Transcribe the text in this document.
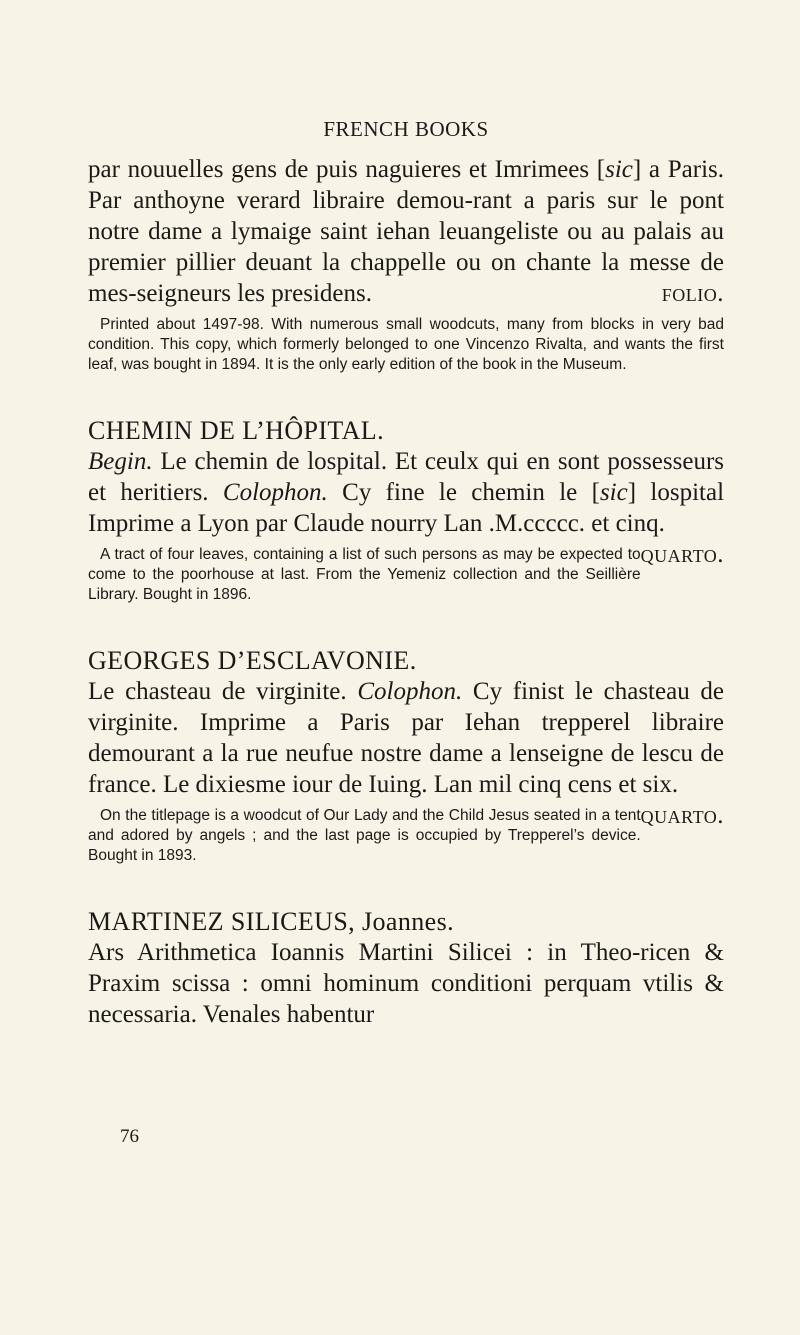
FRENCH BOOKS

par nouuelles gens de puis naguieres et Imrimees [sic] a Paris. Par anthoyne verard libraire demou-rant a paris sur le pont notre dame a lymaige saint iehan leuangeliste ou au palais au premier pillier deuant la chappelle ou on chante la messe de mes-seigneurs les presidens.	folio.

Printed about 1497-98. With numerous small woodcuts, many from blocks in very bad condition. This copy, which formerly belonged to one Vincenzo Rivalta, and wants the first leaf, was bought in 1894. It is the only early edition of the book in the Museum.

CHEMIN DE L’HÔPITAL.

Begin. Le chemin de lospital. Et ceulx qui en sont possesseurs et heritiers. Colophon. Cy fine le chemin le [sic] lospital Imprime a Lyon par Claude nourry Lan .M.ccccc. et cinq.
quarto.

A tract of four leaves, containing a list of such persons as may be expected to come to the poorhouse at last. From the Yemeniz collection and the Seillière Library. Bought in 1896.

GEORGES D’ESCLAVONIE.

Le chasteau de virginite. Colophon. Cy finist le chasteau de virginite. Imprime a Paris par Iehan trepperel libraire demourant a la rue neufue nostre dame a lenseigne de lescu de france. Le dixiesme iour de Iuing. Lan mil cinq cens et six.
quarto.

On the titlepage is a woodcut of Our Lady and the Child Jesus seated in a tent and adored by angels ; and the last page is occupied by Trepperel’s device. Bought in 1893.

MARTINEZ SILICEUS, Joannes.

Ars Arithmetica Ioannis Martini Silicei : in Theo-ricen & Praxim scissa : omni hominum conditioni perquam vtilis & necessaria. Venales habentur

76
